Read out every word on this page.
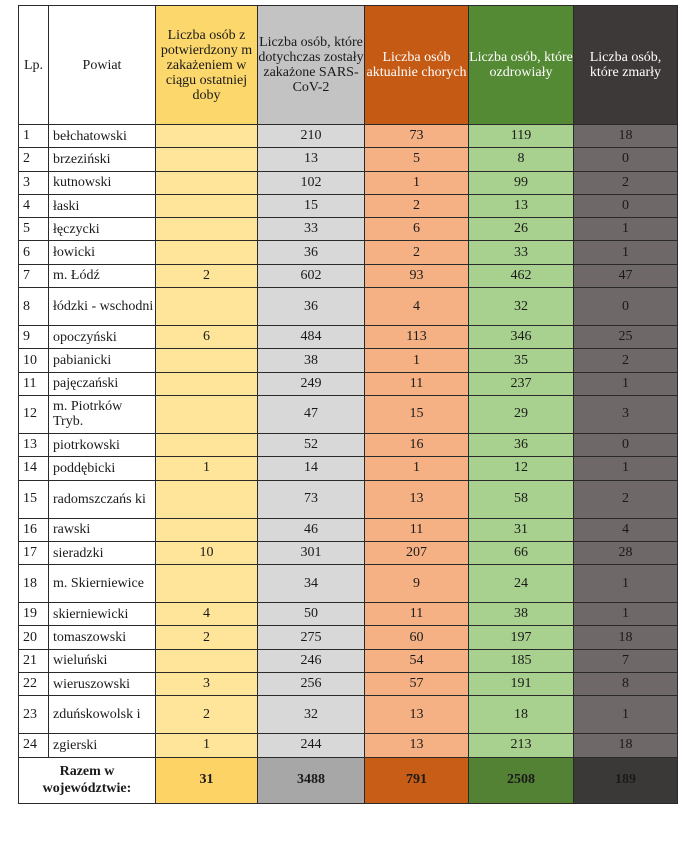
Lp.	Powiat	Liczba osób z potwierdzony m zakażeniem w ciągu ostatniej doby	Liczba osób, które dotychczas zostały zakażone SARS-CoV-2	Liczba osób aktualnie chorych	Liczba osób, które ozdrowiały	Liczba osób, które zmarły
1	bełchatowski		210	73	119	18
2	brzeziński		13	5	8	0
3	kutnowski		102	1	99	2
4	łaski		15	2	13	0
5	łęczycki		33	6	26	1
6	łowicki		36	2	33	1
7	m. Łódź	2	602	93	462	47
8	łódzki - wschodni		36	4	32	0
9	opoczyński	6	484	113	346	25
10	pabianicki		38	1	35	2
11	pajęczański		249	11	237	1
12	m. Piotrków Tryb.		47	15	29	3
13	piotrkowski		52	16	36	0
14	poddębicki	1	14	1	12	1
15	radomszczańs ki		73	13	58	2
16	rawski		46	11	31	4
17	sieradzki	10	301	207	66	28
18	m. Skierniewice		34	9	24	1
19	skierniewicki	4	50	11	38	1
20	tomaszowski	2	275	60	197	18
21	wieluński		246	54	185	7
22	wieruszowski	3	256	57	191	8
23	zduńskowolsk i	2	32	13	18	1
24	zgierski	1	244	13	213	18
Razem w województwie:		31	3488	791	2508	189
